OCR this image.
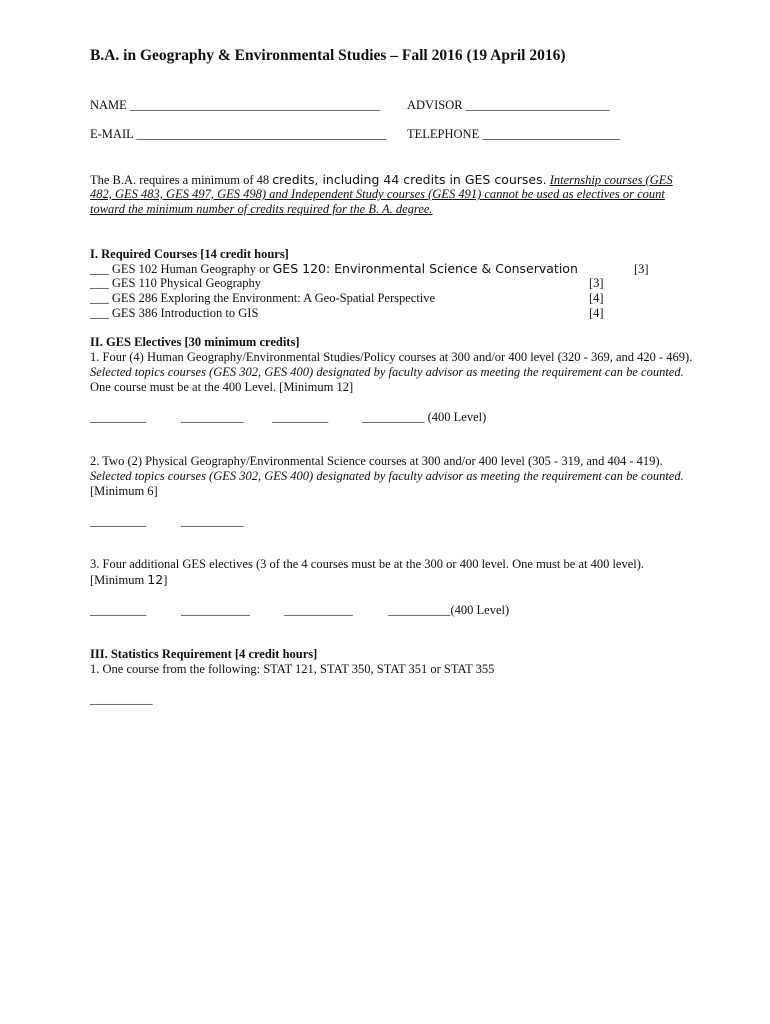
B.A. in Geography & Environmental Studies – Fall 2016 (19 April 2016)
NAME ________________________________________ ADVISOR _______________________
E-MAIL ________________________________________ TELEPHONE ______________________
The B.A. requires a minimum of 48 credits, including 44 credits in GES courses. Internship courses (GES
482, GES 483, GES 497, GES 498) and Independent Study courses (GES 491) cannot be used as electives or count
toward the minimum number of credits required for the B. A. degree.
I. Required Courses [14 credit hours]
___ GES 102 Human Geography or GES 120: Environmental Science & Conservation	[3]
___ GES 110 Physical Geography	[3]
___ GES 286 Exploring the Environment: A Geo-Spatial Perspective	[4]
___ GES 386 Introduction to GIS	[4]
II. GES Electives [30 minimum credits]
1. Four (4) Human Geography/Environmental Studies/Policy courses at 300 and/or 400 level (320 - 369, and 420 - 469).
Selected topics courses (GES 302, GES 400) designated by faculty advisor as meeting the requirement can be counted.
One course must be at the 400 Level. [Minimum 12]
_________	__________ _________	__________ (400 Level)
2. Two (2) Physical Geography/Environmental Science courses at 300 and/or 400 level (305 - 319, and 404 - 419).
Selected topics courses (GES 302, GES 400) designated by faculty advisor as meeting the requirement can be counted.
[Minimum 6]
_________	__________
3. Four additional GES electives (3 of the 4 courses must be at the 300 or 400 level. One must be at 400 level).
[Minimum 12]
_________	___________	___________	__________(400 Level)
III. Statistics Requirement [4 credit hours]
1. One course from the following: STAT 121, STAT 350, STAT 351 or STAT 355
__________
